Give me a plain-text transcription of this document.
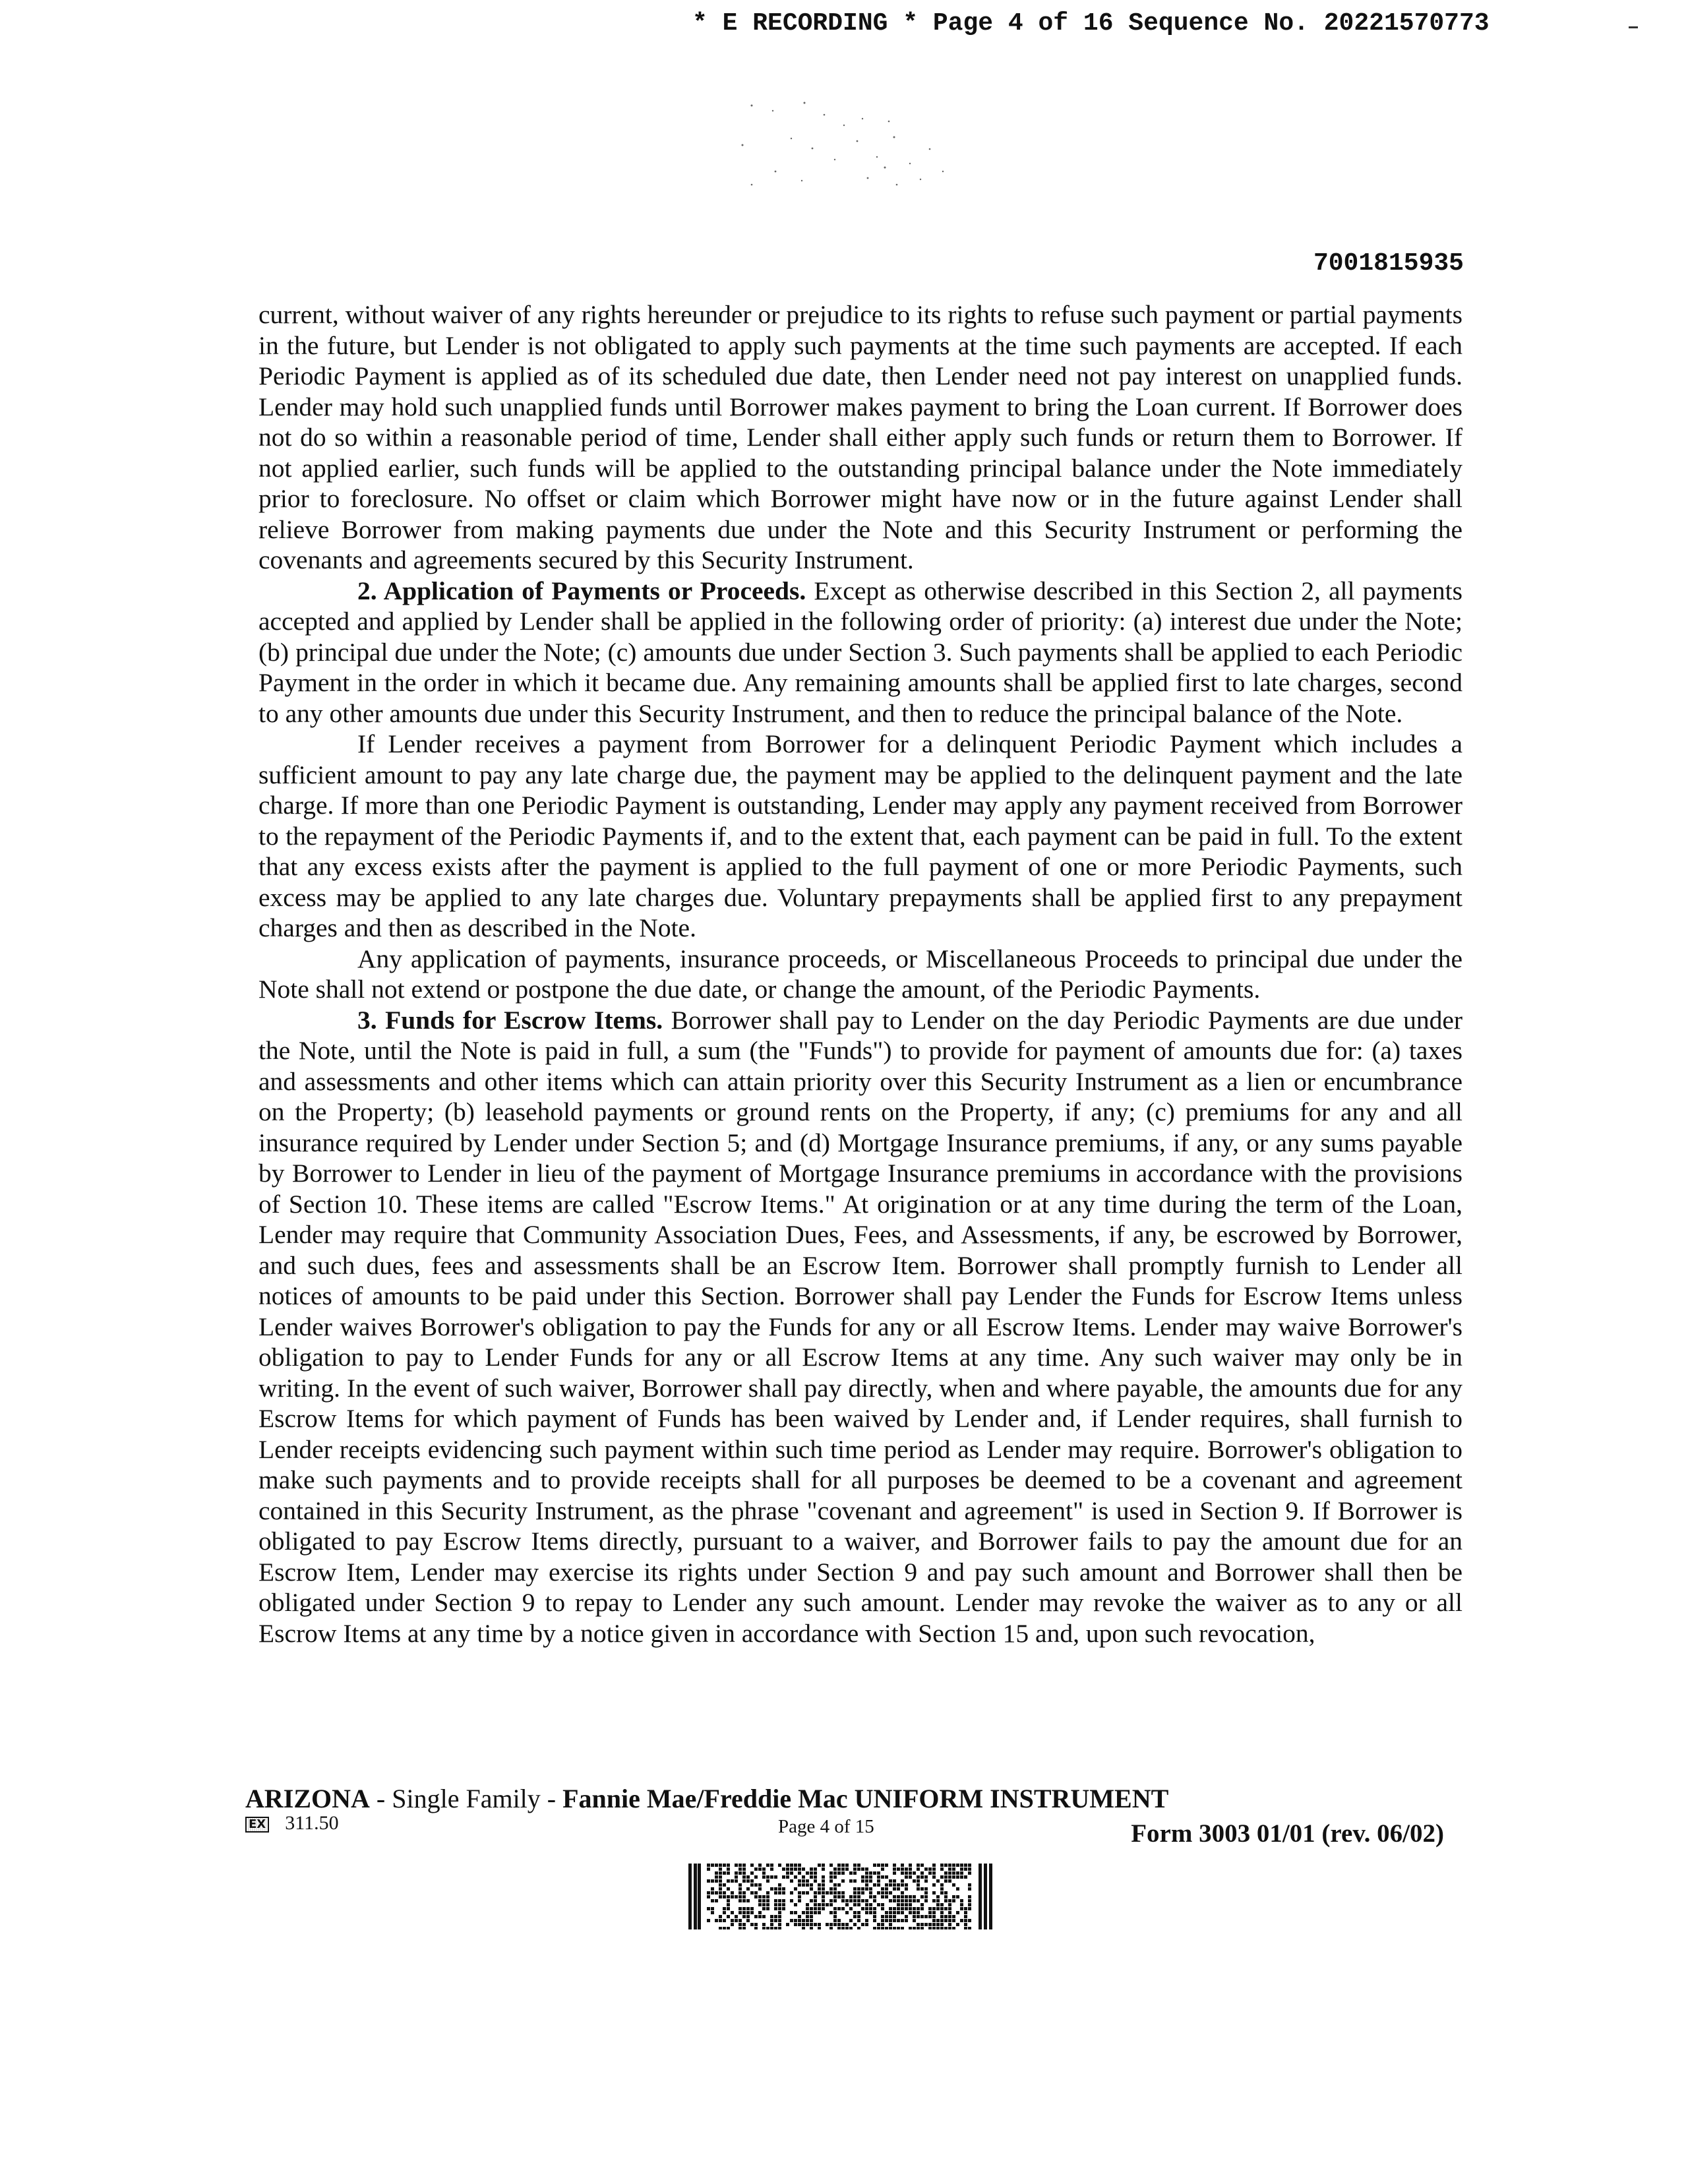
* E RECORDING * Page 4 of 16 Sequence No. 20221570773
7001815935

current, without waiver of any rights hereunder or prejudice to its rights to refuse such payment or partial payments in the future, but Lender is not obligated to apply such payments at the time such payments are accepted. If each Periodic Payment is applied as of its scheduled due date, then Lender need not pay interest on unapplied funds. Lender may hold such unapplied funds until Borrower makes payment to bring the Loan current. If Borrower does not do so within a reasonable period of time, Lender shall either apply such funds or return them to Borrower. If not applied earlier, such funds will be applied to the outstanding principal balance under the Note immediately prior to foreclosure. No offset or claim which Borrower might have now or in the future against Lender shall relieve Borrower from making payments due under the Note and this Security Instrument or performing the covenants and agreements secured by this Security Instrument.

2. Application of Payments or Proceeds. Except as otherwise described in this Section 2, all payments accepted and applied by Lender shall be applied in the following order of priority: (a) interest due under the Note; (b) principal due under the Note; (c) amounts due under Section 3. Such payments shall be applied to each Periodic Payment in the order in which it became due. Any remaining amounts shall be applied first to late charges, second to any other amounts due under this Security Instrument, and then to reduce the principal balance of the Note.

If Lender receives a payment from Borrower for a delinquent Periodic Payment which includes a sufficient amount to pay any late charge due, the payment may be applied to the delinquent payment and the late charge. If more than one Periodic Payment is outstanding, Lender may apply any payment received from Borrower to the repayment of the Periodic Payments if, and to the extent that, each payment can be paid in full. To the extent that any excess exists after the payment is applied to the full payment of one or more Periodic Payments, such excess may be applied to any late charges due. Voluntary prepayments shall be applied first to any prepayment charges and then as described in the Note.

Any application of payments, insurance proceeds, or Miscellaneous Proceeds to principal due under the Note shall not extend or postpone the due date, or change the amount, of the Periodic Payments.

3. Funds for Escrow Items. Borrower shall pay to Lender on the day Periodic Payments are due under the Note, until the Note is paid in full, a sum (the "Funds") to provide for payment of amounts due for: (a) taxes and assessments and other items which can attain priority over this Security Instrument as a lien or encumbrance on the Property; (b) leasehold payments or ground rents on the Property, if any; (c) premiums for any and all insurance required by Lender under Section 5; and (d) Mortgage Insurance premiums, if any, or any sums payable by Borrower to Lender in lieu of the payment of Mortgage Insurance premiums in accordance with the provisions of Section 10. These items are called "Escrow Items." At origination or at any time during the term of the Loan, Lender may require that Community Association Dues, Fees, and Assessments, if any, be escrowed by Borrower, and such dues, fees and assessments shall be an Escrow Item. Borrower shall promptly furnish to Lender all notices of amounts to be paid under this Section. Borrower shall pay Lender the Funds for Escrow Items unless Lender waives Borrower's obligation to pay the Funds for any or all Escrow Items. Lender may waive Borrower's obligation to pay to Lender Funds for any or all Escrow Items at any time. Any such waiver may only be in writing. In the event of such waiver, Borrower shall pay directly, when and where payable, the amounts due for any Escrow Items for which payment of Funds has been waived by Lender and, if Lender requires, shall furnish to Lender receipts evidencing such payment within such time period as Lender may require. Borrower's obligation to make such payments and to provide receipts shall for all purposes be deemed to be a covenant and agreement contained in this Security Instrument, as the phrase "covenant and agreement" is used in Section 9. If Borrower is obligated to pay Escrow Items directly, pursuant to a waiver, and Borrower fails to pay the amount due for an Escrow Item, Lender may exercise its rights under Section 9 and pay such amount and Borrower shall then be obligated under Section 9 to repay to Lender any such amount. Lender may revoke the waiver as to any or all Escrow Items at any time by a notice given in accordance with Section 15 and, upon such revocation,

ARIZONA - Single Family - Fannie Mae/Freddie Mac UNIFORM INSTRUMENT
EX 311.50	Page 4 of 15	Form 3003 01/01 (rev. 06/02)
